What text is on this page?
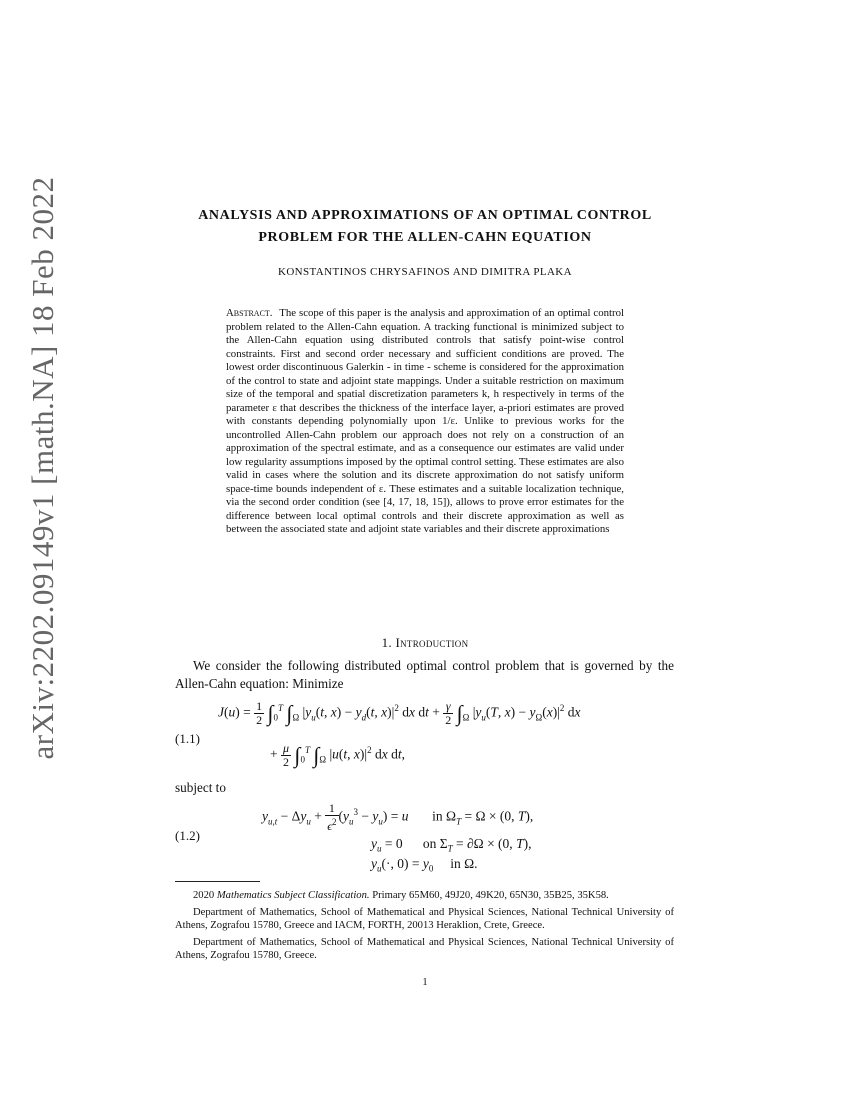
arXiv:2202.09149v1 [math.NA] 18 Feb 2022	ANALYSIS AND APPROXIMATIONS OF AN OPTIMAL CONTROL PROBLEM FOR THE ALLEN-CAHN EQUATION
KONSTANTINOS CHRYSAFINOS AND DIMITRA PLAKA
Abstract. The scope of this paper is the analysis and approximation of an optimal control problem related to the Allen-Cahn equation. A tracking functional is minimized subject to the Allen-Cahn equation using distributed controls that satisfy point-wise control constraints. First and second order necessary and sufficient conditions are proved. The lowest order discontinuous Galerkin - in time - scheme is considered for the approximation of the control to state and adjoint state mappings. Under a suitable restriction on maximum size of the temporal and spatial discretization parameters k, h respectively in terms of the parameter ε that describes the thickness of the interface layer, a-priori estimates are proved with constants depending polynomially upon 1/ε. Unlike to previous works for the uncontrolled Allen-Cahn problem our approach does not rely on a construction of an approximation of the spectral estimate, and as a consequence our estimates are valid under low regularity assumptions imposed by the optimal control setting. These estimates are also valid in cases where the solution and its discrete approximation do not satisfy uniform space-time bounds independent of ε. These estimates and a suitable localization technique, via the second order condition (see [4, 17, 18, 15]), allows to prove error estimates for the difference between local optimal controls and their discrete approximation as well as between the associated state and adjoint state variables and their discrete approximations
1. Introduction
We consider the following distributed optimal control problem that is governed by the Allen-Cahn equation: Minimize
(1.1)
$J(u) = \frac{1}{2} \int_0^T$ $\int_\Omega$ $|y_u(t$, $x) - y_d(t$, $x)|^2$ dx dt + $\frac{\gamma}{2} \int_\Omega$ $|y_u(T$, $x) - y_\Omega(x)|^2$ dx
+ $\frac{\mu}{2} \int_0^T$ $\int_\Omega$ |u(t, $x)|^2$ dx dt,
subject to
(1.2)
$y_{u,t} - \Delta y_u + \frac{1}{\epsilon^2} (y_u^3 - y_u) = u$       in $\Omega_T = \Omega \times (0$, T),
$y_u = 0$      on $\Sigma_T = \partial\Omega \times (0$, T),
$y_u(\cdot$, $0) = y_0$     in Ω.

2020 Mathematics Subject Classification. Primary 65M60, 49J20, 49K20, 65N30, 35B25, 35K58.

Department of Mathematics, School of Mathematical and Physical Sciences, National Technical University of Athens, Zografou 15780, Greece and IACM, FORTH, 20013 Heraklion, Crete, Greece.

Department of Mathematics, School of Mathematical and Physical Sciences, National Technical University of Athens, Zografou 15780, Greece.

1
